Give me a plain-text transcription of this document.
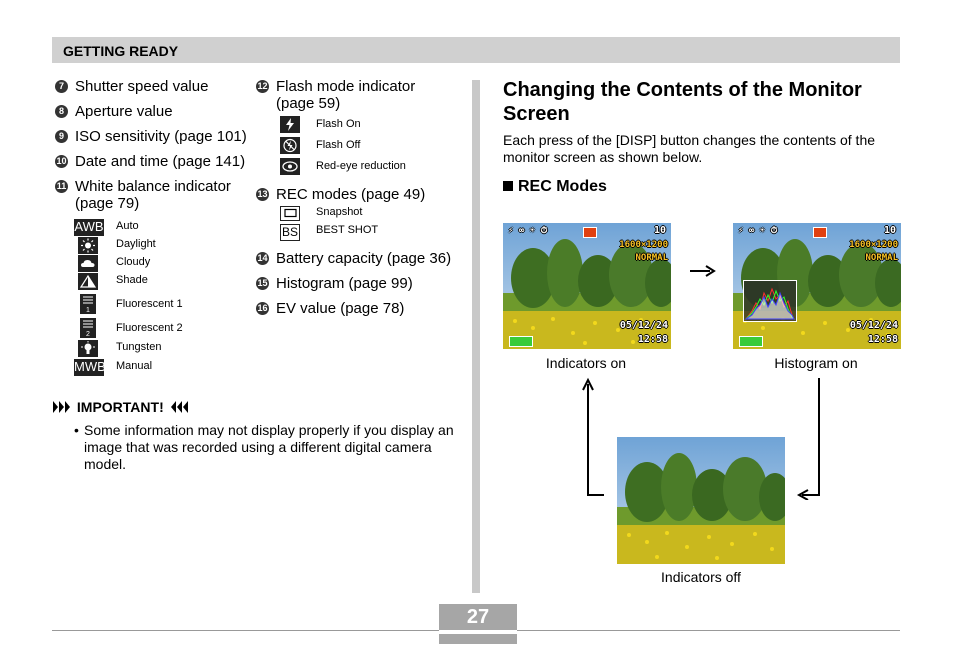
GETTING READY
7 Shutter speed value
8 Aperture value
9 ISO sensitivity (page 101)
10 Date and time (page 141)
11 White balance indicator (page 79)
AWB Auto
Daylight
Cloudy
Shade
1
Fluorescent 1
2
Fluorescent 2
Tungsten
MWB Manual
12 Flash mode indicator (page 59)
Flash On
Flash Off
Red-eye reduction
13 REC modes (page 49)
Snapshot
BS BEST SHOT
14 Battery capacity (page 36)
15 Histogram (page 99)
16 EV value (page 78)
IMPORTANT!
• Some information may not display properly if you display an image that was recorded using a different digital camera model.
Changing the Contents of the Monitor Screen
Each press of the [DISP] button changes the contents of the monitor screen as shown below.
REC Modes
⚡ ∞ ☀ ⏱	10
1600×1200
NORMAL
05/12/24
12:58
Indicators on
⚡ ∞ ☀ ⏱	10
1600×1200
NORMAL
05/12/24
12:58
Histogram on
Indicators off
27
